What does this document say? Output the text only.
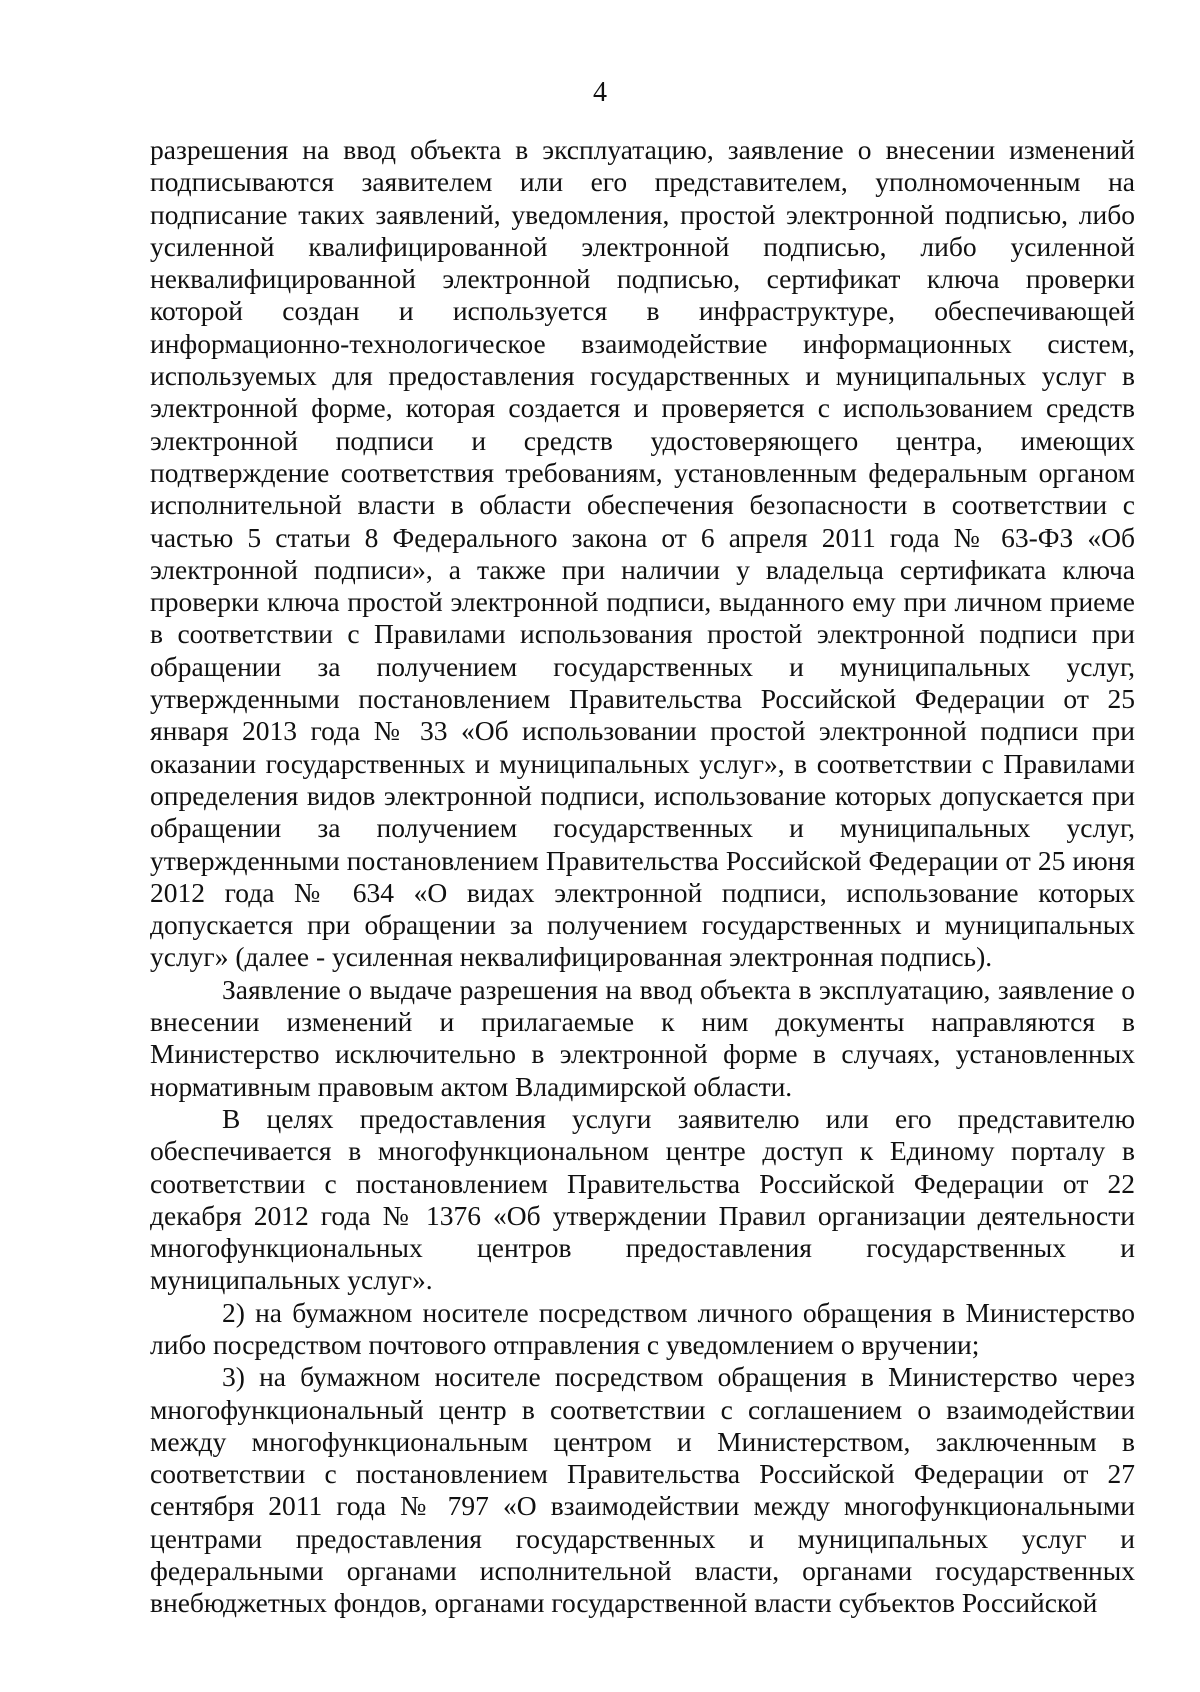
4

разрешения на ввод объекта в эксплуатацию, заявление о внесении изменений подписываются заявителем или его представителем, уполномоченным на подписание таких заявлений, уведомления, простой электронной подписью, либо усиленной квалифицированной электронной подписью, либо усиленной неквалифицированной электронной подписью, сертификат ключа проверки которой создан и используется в инфраструктуре, обеспечивающей информационно-технологическое взаимодействие информационных систем, используемых для предоставления государственных и муниципальных услуг в электронной форме, которая создается и проверяется с использованием средств электронной подписи и средств удостоверяющего центра, имеющих подтверждение соответствия требованиям, установленным федеральным органом исполнительной власти в области обеспечения безопасности в соответствии с частью 5 статьи 8 Федерального закона от 6 апреля 2011 года № 63-ФЗ «Об электронной подписи», а также при наличии у владельца сертификата ключа проверки ключа простой электронной подписи, выданного ему при личном приеме в соответствии с Правилами использования простой электронной подписи при обращении за получением государственных и муниципальных услуг, утвержденными постановлением Правительства Российской Федерации от 25 января 2013 года № 33 «Об использовании простой электронной подписи при оказании государственных и муниципальных услуг», в соответствии с Правилами определения видов электронной подписи, использование которых допускается при обращении за получением государственных и муниципальных услуг, утвержденными постановлением Правительства Российской Федерации от 25 июня 2012 года № 634 «О видах электронной подписи, использование которых допускается при обращении за получением государственных и муниципальных услуг» (далее - усиленная неквалифицированная электронная подпись).

Заявление о выдаче разрешения на ввод объекта в эксплуатацию, заявление о внесении изменений и прилагаемые к ним документы направляются в Министерство исключительно в электронной форме в случаях, установленных нормативным правовым актом Владимирской области.

В целях предоставления услуги заявителю или его представителю обеспечивается в многофункциональном центре доступ к Единому порталу в соответствии с постановлением Правительства Российской Федерации от 22 декабря 2012 года № 1376 «Об утверждении Правил организации деятельности многофункциональных центров предоставления государственных и муниципальных услуг».

2) на бумажном носителе посредством личного обращения в Министерство либо посредством почтового отправления с уведомлением о вручении;

3) на бумажном носителе посредством обращения в Министерство через многофункциональный центр в соответствии с соглашением о взаимодействии между многофункциональным центром и Министерством, заключенным в соответствии с постановлением Правительства Российской Федерации от 27 сентября 2011 года № 797 «О взаимодействии между многофункциональными центрами предоставления государственных и муниципальных услуг и федеральными органами исполнительной власти, органами государственных внебюджетных фондов, органами государственной власти субъектов Российской
